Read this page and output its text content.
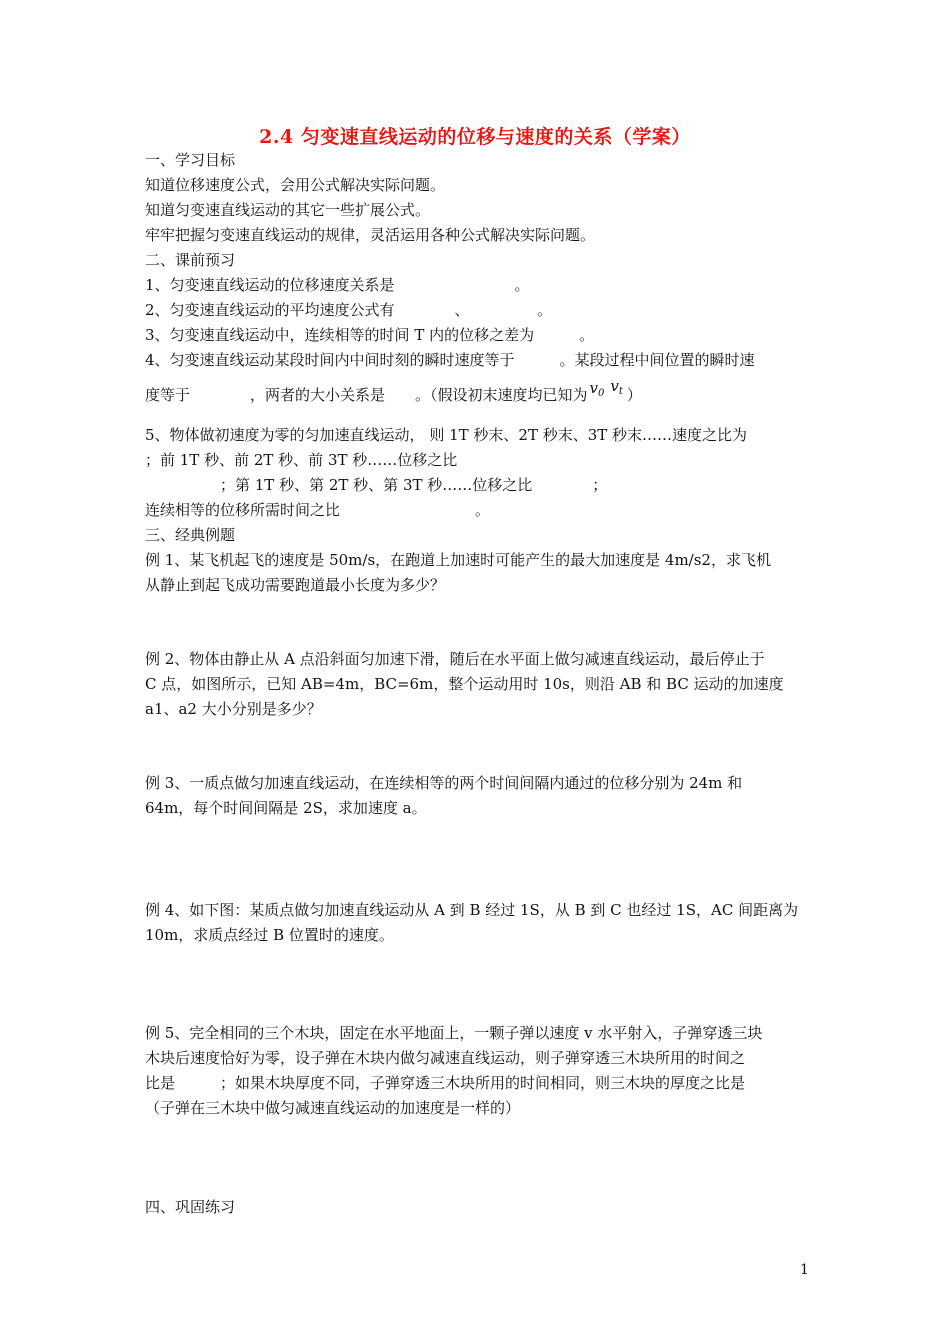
2.4 匀变速直线运动的位移与速度的关系（学案）
一、学习目标
知道位移速度公式，会用公式解决实际问题。
知道匀变速直线运动的其它一些扩展公式。
牢牢把握匀变速直线运动的规律，灵活运用各种公式解决实际问题。
二、课前预习
1、匀变速直线运动的位移速度关系是　　　　　　　　。
2、匀变速直线运动的平均速度公式有　　　　、　　　　　。
3、匀变速直线运动中，连续相等的时间 T 内的位移之差为　　　。
4、匀变速直线运动某段时间内中间时刻的瞬时速度等于　　　。某段过程中间位置的瞬时速
度等于　　　　，两者的大小关系是　　。（假设初末速度均已知为 $v_0$ $v_t$ ）
5、物体做初速度为零的匀加速直线运动， 则 1T 秒末、2T 秒末、3T 秒末……速度之比为
；前 1T 秒、前 2T 秒、前 3T 秒……位移之比
　　　　　；第 1T 秒、第 2T 秒、第 3T 秒……位移之比　　　　；
连续相等的位移所需时间之比　　　　　　　　　。
三、经典例题
例 1、某飞机起飞的速度是 50m/s，在跑道上加速时可能产生的最大加速度是 4m/s2，求飞机
从静止到起飞成功需要跑道最小长度为多少？
例 2、物体由静止从 A 点沿斜面匀加速下滑，随后在水平面上做匀减速直线运动，最后停止于
C 点，如图所示，已知 AB=4m，BC=6m，整个运动用时 10s，则沿 AB 和 BC 运动的加速度
a1、a2 大小分别是多少？
例 3、一质点做匀加速直线运动，在连续相等的两个时间间隔内通过的位移分别为 24m 和
64m，每个时间间隔是 2S，求加速度 a。
例 4、如下图：某质点做匀加速直线运动从 A 到 B 经过 1S，从 B 到 C 也经过 1S，AC 间距离为
10m，求质点经过 B 位置时的速度。
例 5、完全相同的三个木块，固定在水平地面上，一颗子弹以速度 v 水平射入，子弹穿透三块
木块后速度恰好为零，设子弹在木块内做匀减速直线运动，则子弹穿透三木块所用的时间之
比是　　　；如果木块厚度不同，子弹穿透三木块所用的时间相同，则三木块的厚度之比是
（子弹在三木块中做匀减速直线运动的加速度是一样的）
四、巩固练习
1
